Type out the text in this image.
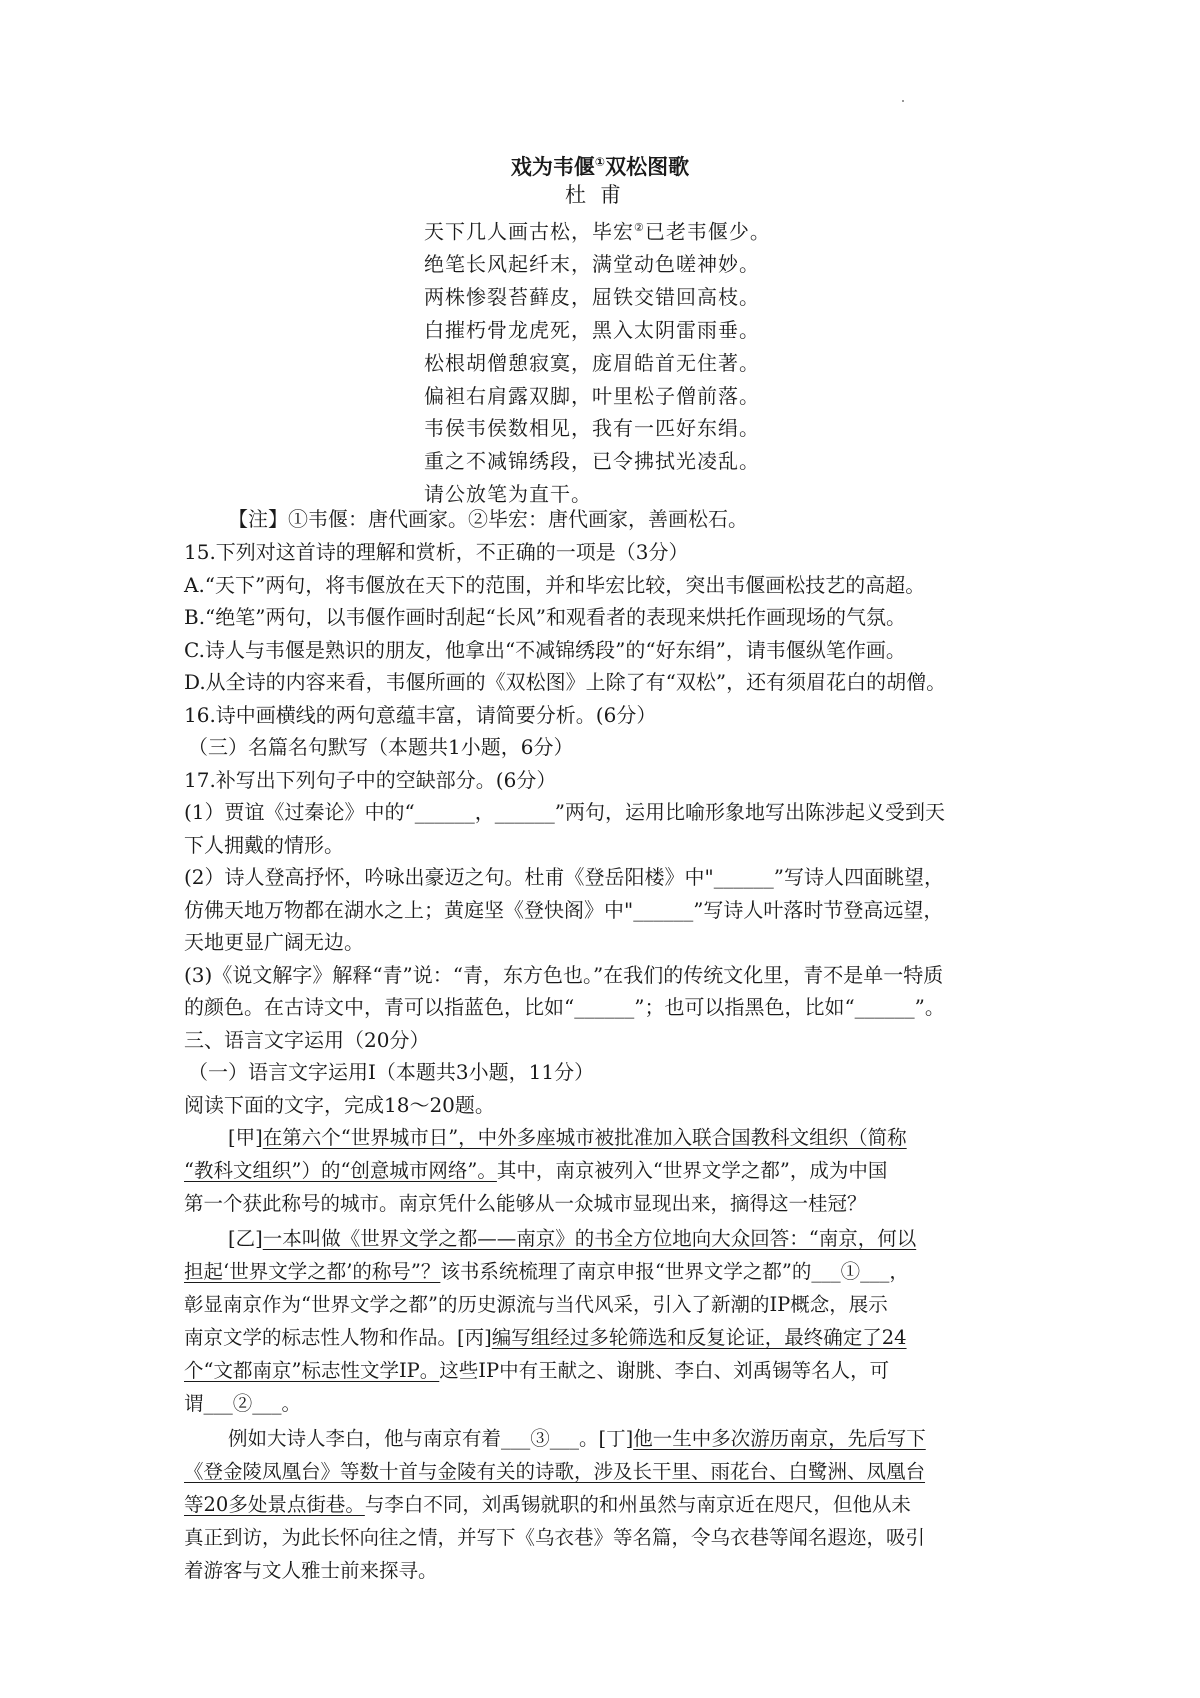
戏为韦偃①双松图歌
杜甫
天下几人画古松，毕宏②已老韦偃少。
绝笔长风起纤末，满堂动色嗟神妙。
两株惨裂苔藓皮，屈铁交错回高枝。
白摧朽骨龙虎死，黑入太阴雷雨垂。
松根胡僧憩寂寞，庞眉皓首无住著。
偏袒右肩露双脚，叶里松子僧前落。
韦侯韦侯数相见，我有一匹好东绢。
重之不减锦绣段，已令拂拭光凌乱。
请公放笔为直干。
【注】①韦偃：唐代画家。②毕宏：唐代画家，善画松石。
15.下列对这首诗的理解和赏析，不正确的一项是（3分）
A.“天下”两句，将韦偃放在天下的范围，并和毕宏比较，突出韦偃画松技艺的高超。
B.“绝笔”两句，以韦偃作画时刮起“长风”和观看者的表现来烘托作画现场的气氛。
C.诗人与韦偃是熟识的朋友，他拿出“不减锦绣段”的“好东绢”，请韦偃纵笔作画。
D.从全诗的内容来看，韦偃所画的《双松图》上除了有“双松”，还有须眉花白的胡僧。
16.诗中画横线的两句意蕴丰富，请简要分析。(6分）
（三）名篇名句默写（本题共1小题，6分）
17.补写出下列句子中的空缺部分。(6分）
(1）贾谊《过秦论》中的“______，______”两句，运用比喻形象地写出陈涉起义受到天
下人拥戴的情形。
(2）诗人登高抒怀，吟咏出豪迈之句。杜甫《登岳阳楼》中"______”写诗人四面眺望，
仿佛天地万物都在湖水之上；黄庭坚《登快阁》中"______”写诗人叶落时节登高远望，
天地更显广阔无边。
(3)《说文解字》解释“青”说：“青，东方色也。”在我们的传统文化里，青不是单一特质
的颜色。在古诗文中，青可以指蓝色，比如“______”；也可以指黑色，比如“______”。
三、语言文字运用（20分）
（一）语言文字运用Ⅰ（本题共3小题，11分）
阅读下面的文字，完成18～20题。
[甲]在第六个“世界城市日”，中外多座城市被批准加入联合国教科文组织（简称
“教科文组织”）的“创意城市网络”。其中，南京被列入“世界文学之都”，成为中国
第一个获此称号的城市。南京凭什么能够从一众城市显现出来，摘得这一桂冠？
[乙]一本叫做《世界文学之都——南京》的书全方位地向大众回答：“南京，何以
担起‘世界文学之都’的称号”？该书系统梳理了南京申报“世界文学之都”的___①___，
彰显南京作为“世界文学之都”的历史源流与当代风采，引入了新潮的IP概念，展示
南京文学的标志性人物和作品。[丙]编写组经过多轮筛选和反复论证，最终确定了24
个“文都南京”标志性文学IP。这些IP中有王献之、谢朓、李白、刘禹锡等名人，可
谓___②___。
例如大诗人李白，他与南京有着___③___。[丁]他一生中多次游历南京，先后写下
《登金陵凤凰台》等数十首与金陵有关的诗歌，涉及长干里、雨花台、白鹭洲、凤凰台
等20多处景点街巷。与李白不同，刘禹锡就职的和州虽然与南京近在咫尺，但他从未
真正到访，为此长怀向往之情，并写下《乌衣巷》等名篇，令乌衣巷等闻名遐迩，吸引
着游客与文人雅士前来探寻。
